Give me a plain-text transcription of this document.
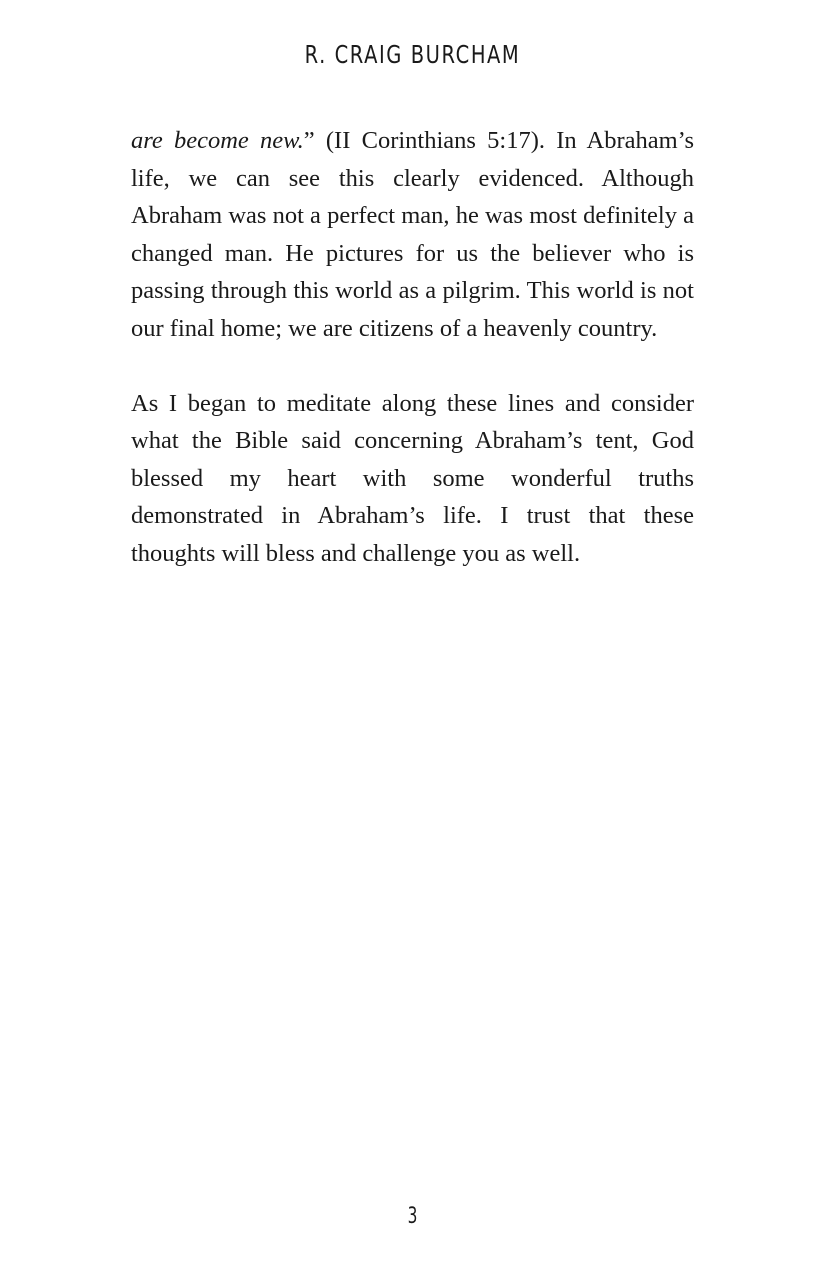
R. CRAIG BURCHAM

are become new.” (II Corinthians 5:17). In Abraham’s life, we can see this clearly evidenced. Although Abraham was not a perfect man, he was most definitely a changed man. He pictures for us the believer who is passing through this world as a pilgrim. This world is not our final home; we are citizens of a heavenly country.

As I began to meditate along these lines and consider what the Bible said concerning Abraham’s tent, God blessed my heart with some wonderful truths demonstrated in Abraham’s life. I trust that these thoughts will bless and challenge you as well.

3
